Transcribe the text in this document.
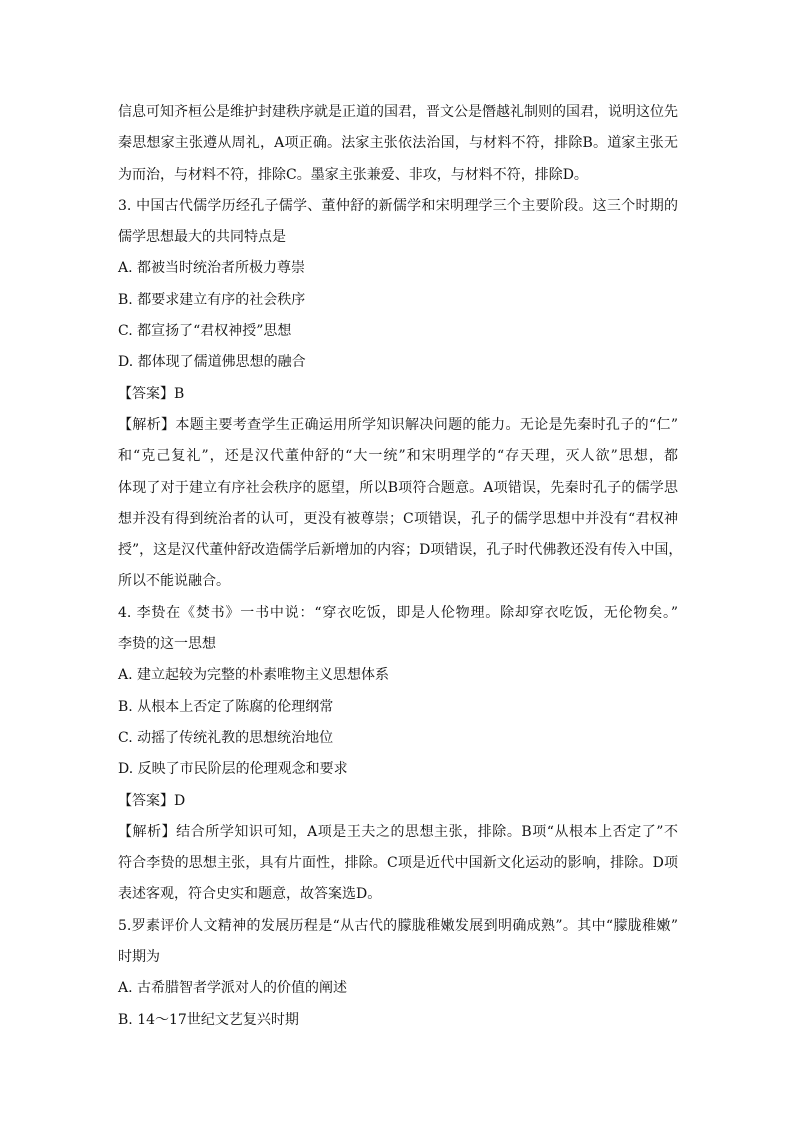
信息可知齐桓公是维护封建秩序就是正道的国君，晋文公是僭越礼制则的国君，说明这位先
秦思想家主张遵从周礼，A项正确。法家主张依法治国，与材料不符，排除B。道家主张无
为而治，与材料不符，排除C。墨家主张兼爱、非攻，与材料不符，排除D。
3. 中国古代儒学历经孔子儒学、董仲舒的新儒学和宋明理学三个主要阶段。这三个时期的
儒学思想最大的共同特点是
A. 都被当时统治者所极力尊崇
B. 都要求建立有序的社会秩序
C. 都宣扬了“君权神授”思想
D. 都体现了儒道佛思想的融合
【答案】B
【解析】本题主要考查学生正确运用所学知识解决问题的能力。无论是先秦时孔子的“仁”
和“克己复礼”，还是汉代董仲舒的“大一统”和宋明理学的“存天理，灭人欲”思想，都
体现了对于建立有序社会秩序的愿望，所以B项符合题意。A项错误，先秦时孔子的儒学思
想并没有得到统治者的认可，更没有被尊崇；C项错误，孔子的儒学思想中并没有“君权神
授”，这是汉代董仲舒改造儒学后新增加的内容；D项错误，孔子时代佛教还没有传入中国，
所以不能说融合。
4. 李贽在《焚书》一书中说：“穿衣吃饭，即是人伦物理。除却穿衣吃饭，无伦物矣。”
李贽的这一思想
A. 建立起较为完整的朴素唯物主义思想体系
B. 从根本上否定了陈腐的伦理纲常
C. 动摇了传统礼教的思想统治地位
D. 反映了市民阶层的伦理观念和要求
【答案】D
【解析】结合所学知识可知，A项是王夫之的思想主张，排除。B项“从根本上否定了”不
符合李贽的思想主张，具有片面性，排除。C项是近代中国新文化运动的影响，排除。D项
表述客观，符合史实和题意，故答案选D。
5.罗素评价人文精神的发展历程是“从古代的朦胧稚嫩发展到明确成熟”。其中“朦胧稚嫩”
时期为
A. 古希腊智者学派对人的价值的阐述
B. 14～17世纪文艺复兴时期
